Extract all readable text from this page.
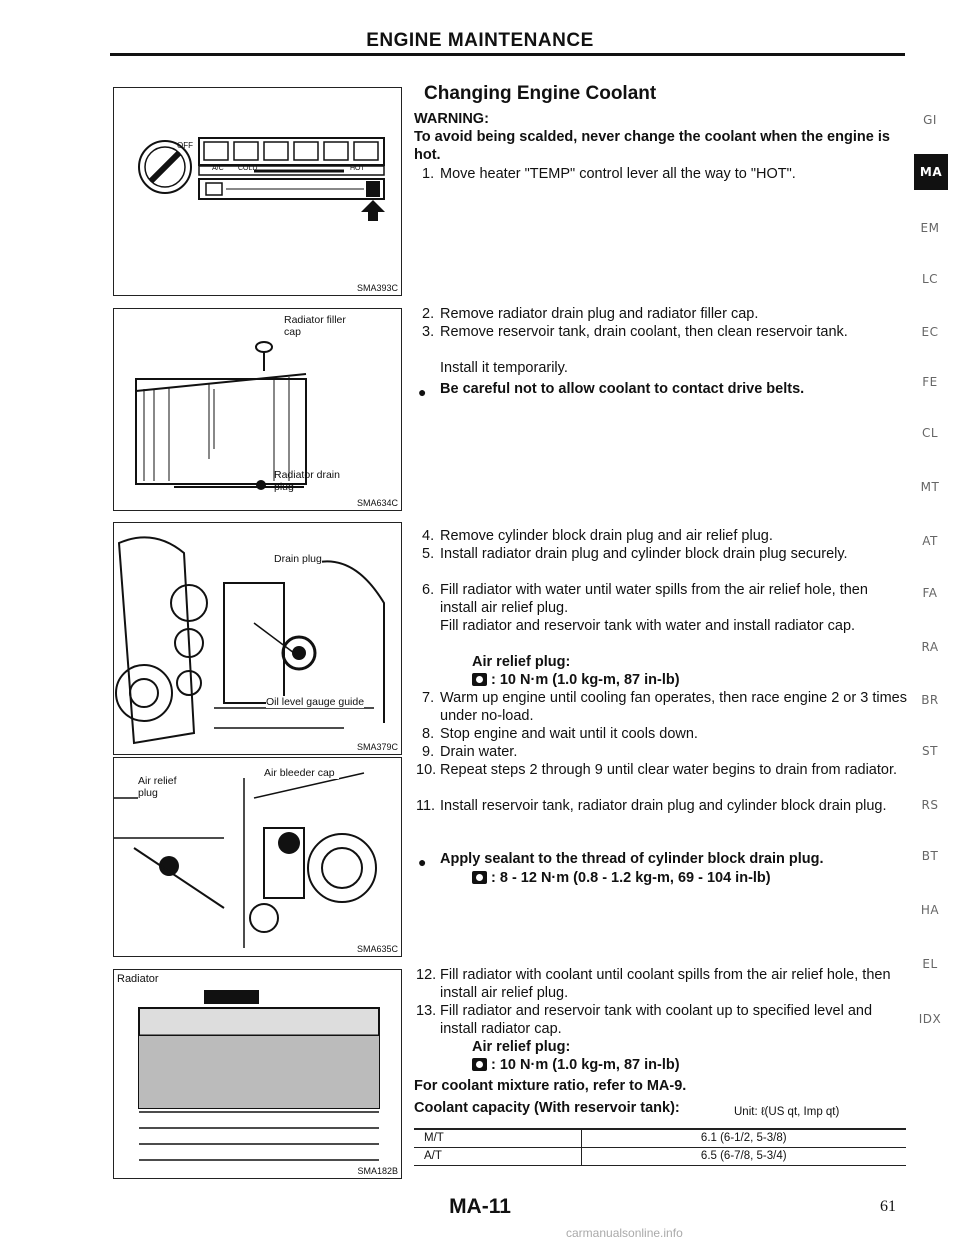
ENGINE MAINTENANCE
OFF
A/C COLD	HOT
SMA393C
Radiator filler cap
Radiator drain plug
SMA634C
Drain plug
Oil level gauge guide
SMA379C
Air relief plug
Air bleeder cap
SMA635C
Radiator
SMA182B
Changing Engine Coolant
WARNING:
To avoid being scalded, never change the coolant when the engine is hot.
1. Move heater "TEMP" control lever all the way to "HOT".
2. Remove radiator drain plug and radiator filler cap.
3. Remove reservoir tank, drain coolant, then clean reservoir tank.
Install it temporarily.
● Be careful not to allow coolant to contact drive belts.
4. Remove cylinder block drain plug and air relief plug.
5. Install radiator drain plug and cylinder block drain plug securely.
6. Fill radiator with water until water spills from the air relief hole, then install air relief plug.
Fill radiator and reservoir tank with water and install radiator cap.
Air relief plug:
: 10 N·m (1.0 kg-m, 87 in-lb)
7. Warm up engine until cooling fan operates, then race engine 2 or 3 times under no-load.
8. Stop engine and wait until it cools down.
9. Drain water.
10. Repeat steps 2 through 9 until clear water begins to drain from radiator.
11. Install reservoir tank, radiator drain plug and cylinder block drain plug.
● Apply sealant to the thread of cylinder block drain plug.
: 8 - 12 N·m (0.8 - 1.2 kg-m, 69 - 104 in-lb)
12. Fill radiator with coolant until coolant spills from the air relief hole, then install air relief plug.
13. Fill radiator and reservoir tank with coolant up to specified level and install radiator cap.
Air relief plug:
: 10 N·m (1.0 kg-m, 87 in-lb)
For coolant mixture ratio, refer to MA-9.
Coolant capacity (With reservoir tank):	Unit: ℓ(US qt, Imp qt)
M/T	6.1 (6-1/2, 5-3/8)
A/T	6.5 (6-7/8, 5-3/4)
GI
MA
EM
LC
EC
FE
CL
MT
AT
FA
RA
BR
ST
RS
BT
HA
EL
IDX
MA-11	61
carmanualsonline.info
